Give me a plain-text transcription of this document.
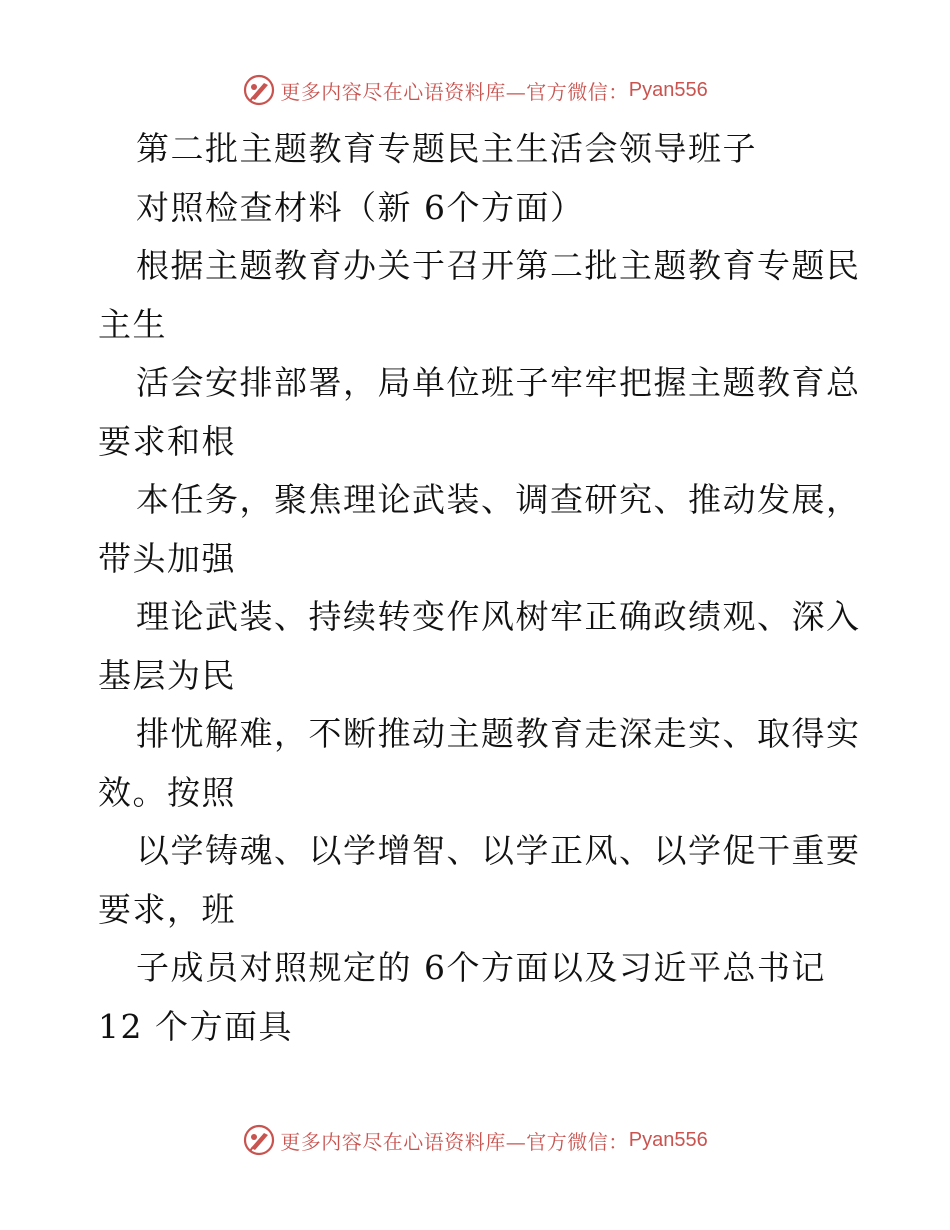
更多内容尽在心语资料库—官方微信： Pyan556
第二批主题教育专题民主生活会领导班子
对照检查材料（新 6个方面）
根据主题教育办关于召开第二批主题教育专题民
主生
活会安排部署，局单位班子牢牢把握主题教育总
要求和根
本任务，聚焦理论武装、调查研究、推动发展，
带头加强
理论武装、持续转变作风树牢正确政绩观、深入
基层为民
排忧解难，不断推动主题教育走深走实、取得实
效。按照
以学铸魂、以学增智、以学正风、以学促干重要
要求，班
子成员对照规定的 6个方面以及习近平总书记
12 个方面具
更多内容尽在心语资料库—官方微信： Pyan556
